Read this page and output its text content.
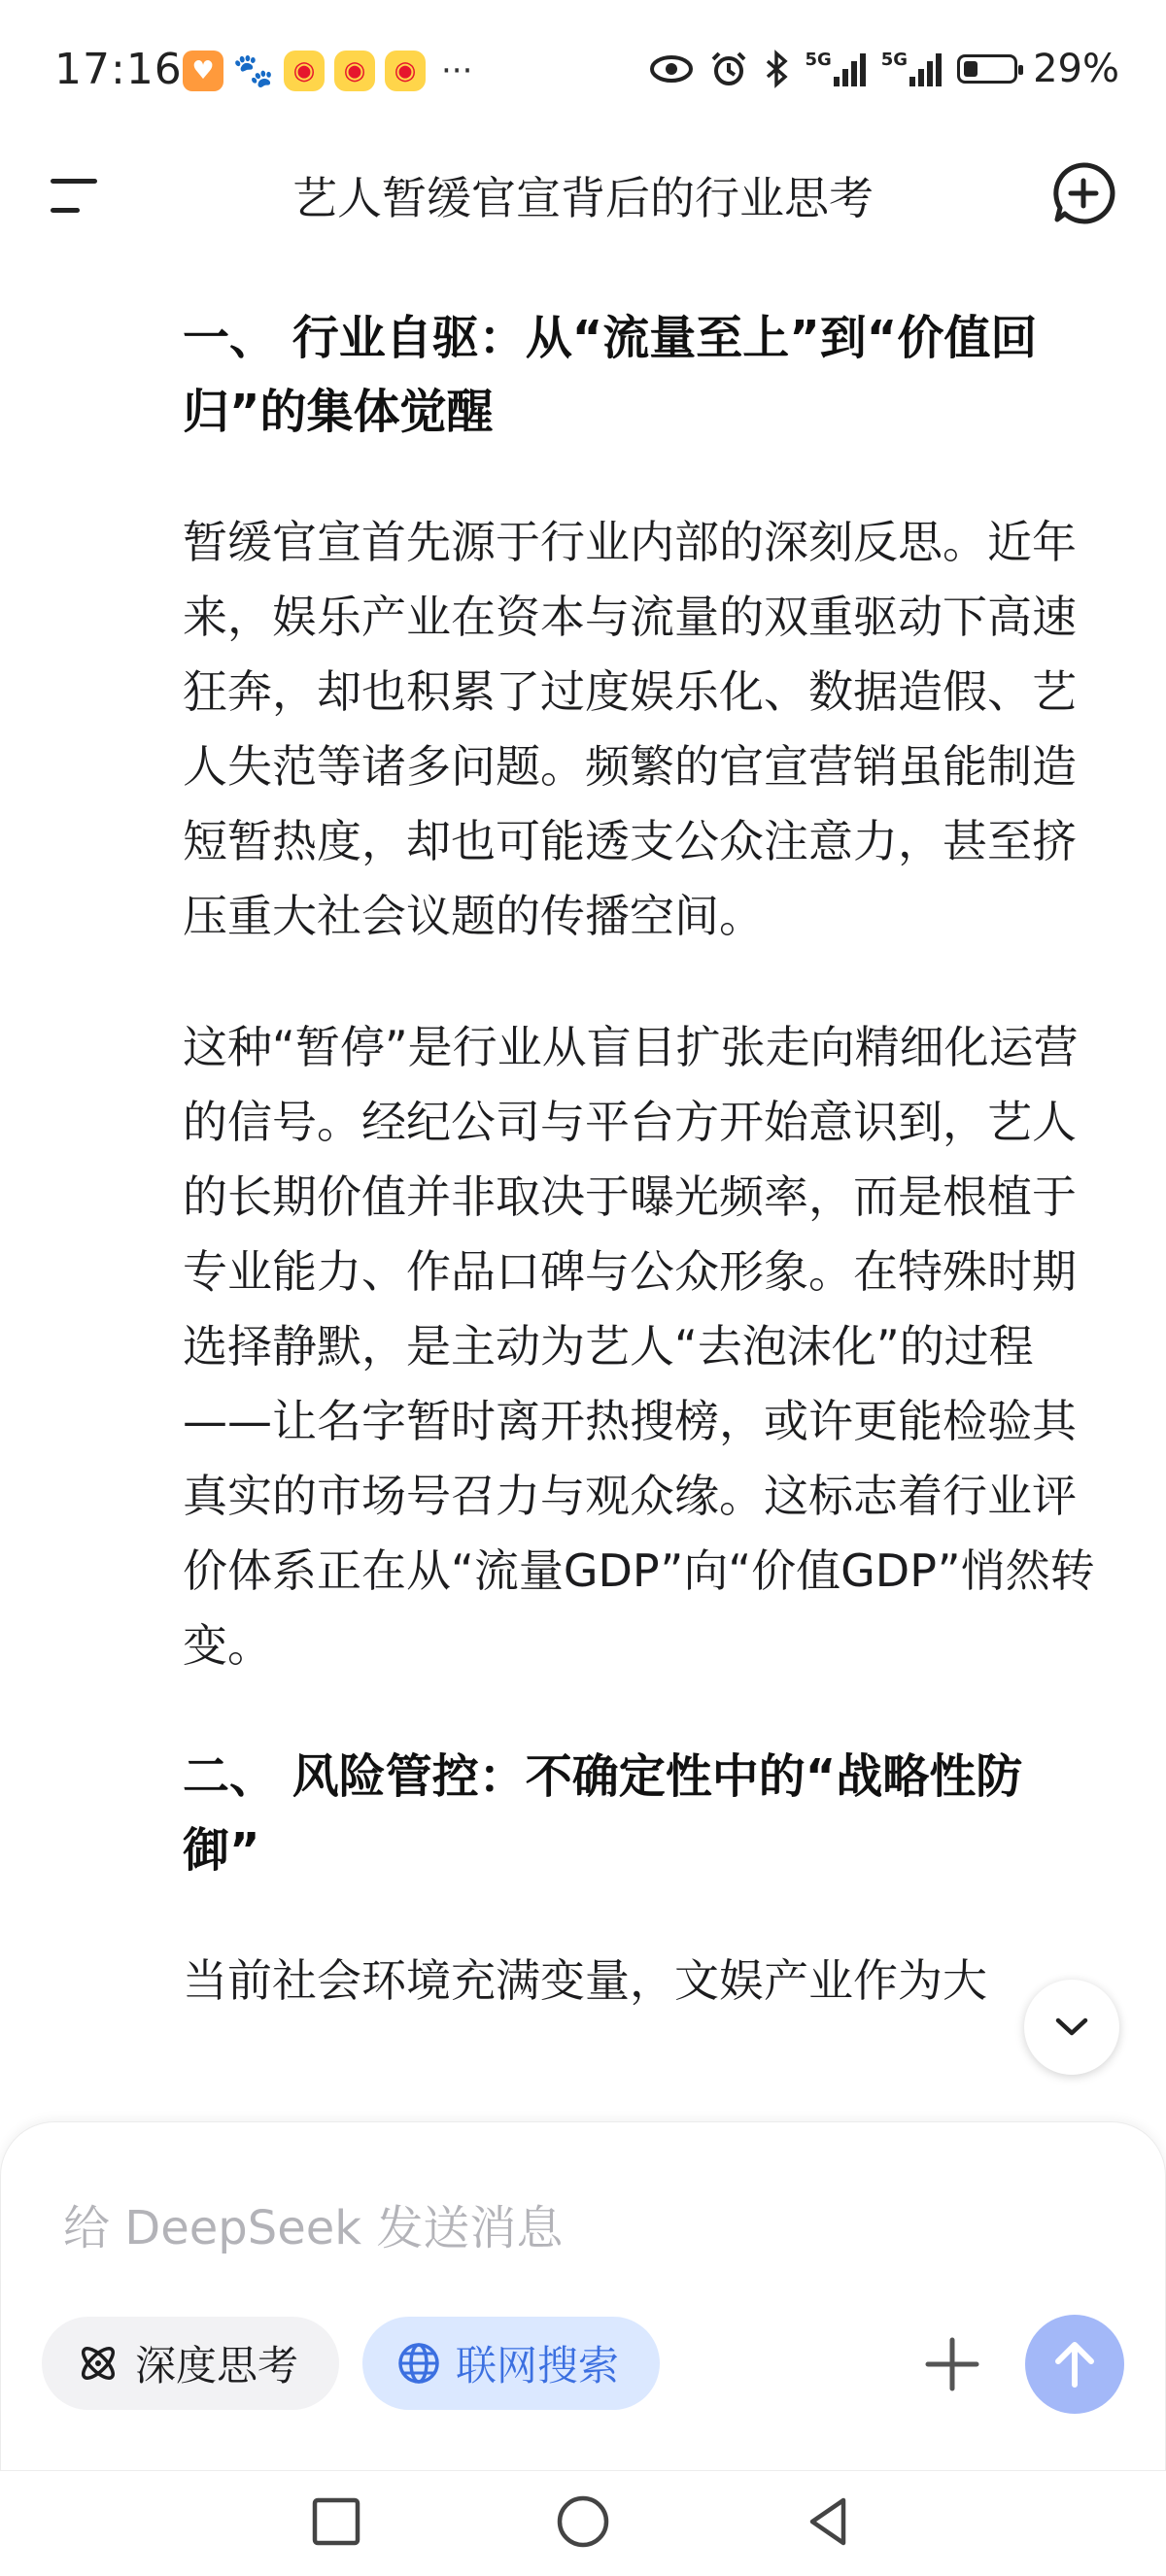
17:16 ♥ 🐾 ◉	◉	◉ ···	5G	5G	29%
艺人暂缓官宣背后的行业思考

一、 行业自驱：从“流量至上”到“价值回归”的集体觉醒

暂缓官宣首先源于行业内部的深刻反思。近年来，娱乐产业在资本与流量的双重驱动下高速狂奔，却也积累了过度娱乐化、数据造假、艺人失范等诸多问题。频繁的官宣营销虽能制造短暂热度，却也可能透支公众注意力，甚至挤压重大社会议题的传播空间。

这种“暂停”是行业从盲目扩张走向精细化运营的信号。经纪公司与平台方开始意识到，艺人的长期价值并非取决于曝光频率，而是根植于专业能力、作品口碑与公众形象。在特殊时期选择静默，是主动为艺人“去泡沫化”的过程——让名字暂时离开热搜榜，或许更能检验其真实的市场号召力与观众缘。这标志着行业评价体系正在从“流量GDP”向“价值GDP”悄然转变。

二、 风险管控：不确定性中的“战略性防御”

当前社会环境充满变量，文娱产业作为大

给 DeepSeek 发送消息
深度思考	联网搜索
